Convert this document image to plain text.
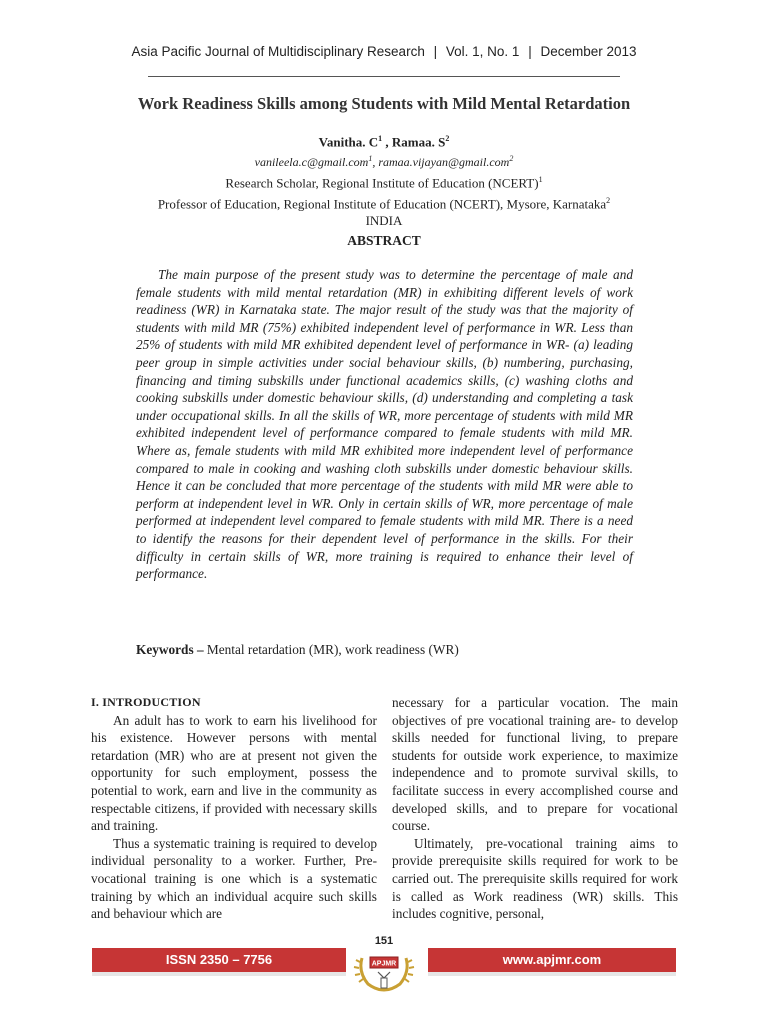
Asia Pacific Journal of Multidisciplinary Research | Vol. 1, No. 1 | December 2013
Work Readiness Skills among Students with Mild Mental Retardation
Vanitha. $C^1$ , Ramaa. $S^2$
vanileela.c@gmail.com$^1$, ramaa.vijayan@gmail.com$^2$
Research Scholar, Regional Institute of Education (NCERT)$^1$
Professor of Education, Regional Institute of Education (NCERT), Mysore, Karnataka$^2$
INDIA
ABSTRACT

The main purpose of the present study was to determine the percentage of male and female students with mild mental retardation (MR) in exhibiting different levels of work readiness (WR) in Karnataka state. The major result of the study was that the majority of students with mild MR (75%) exhibited independent level of performance in WR. Less than 25% of students with mild MR exhibited dependent level of performance in WR- (a) leading peer group in simple activities under social behaviour skills, (b) numbering, purchasing, financing and timing subskills under functional academics skills, (c) washing cloths and cooking subskills under domestic behaviour skills, (d) understanding and completing a task under occupational skills. In all the skills of WR, more percentage of students with mild MR exhibited independent level of performance compared to female students with mild MR. Where as, female students with mild MR exhibited more independent level of performance compared to male in cooking and washing cloth subskills under domestic behaviour skills. Hence it can be concluded that more percentage of the students with mild MR were able to perform at independent level in WR. Only in certain skills of WR, more percentage of male performed at independent level compared to female students with mild MR. There is a need to identify the reasons for their dependent level of performance in the skills. For their difficulty in certain skills of WR, more training is required to enhance their level of performance.

Keywords – Mental retardation (MR), work readiness (WR)

I. INTRODUCTION

An adult has to work to earn his livelihood for his existence. However persons with mental retardation (MR) who are at present not given the opportunity for such employment, possess the potential to work, earn and live in the community as respectable citizens, if provided with necessary skills and training.

Thus a systematic training is required to develop individual personality to a worker. Further, Pre-vocational training is one which is a systematic training by which an individual acquire such skills and behaviour which are

necessary for a particular vocation. The main objectives of pre vocational training are- to develop skills needed for functional living, to prepare students for outside work experience, to maximize independence and to promote survival skills, to facilitate success in every accomplished course and developed skills, and to prepare for vocational course.

Ultimately, pre-vocational training aims to provide prerequisite skills required for work to be carried out. The prerequisite skills required for work is called as Work readiness (WR) skills. This includes cognitive, personal,

ISSN 2350 – 7756	www.apjmr.com
APJMR
151
